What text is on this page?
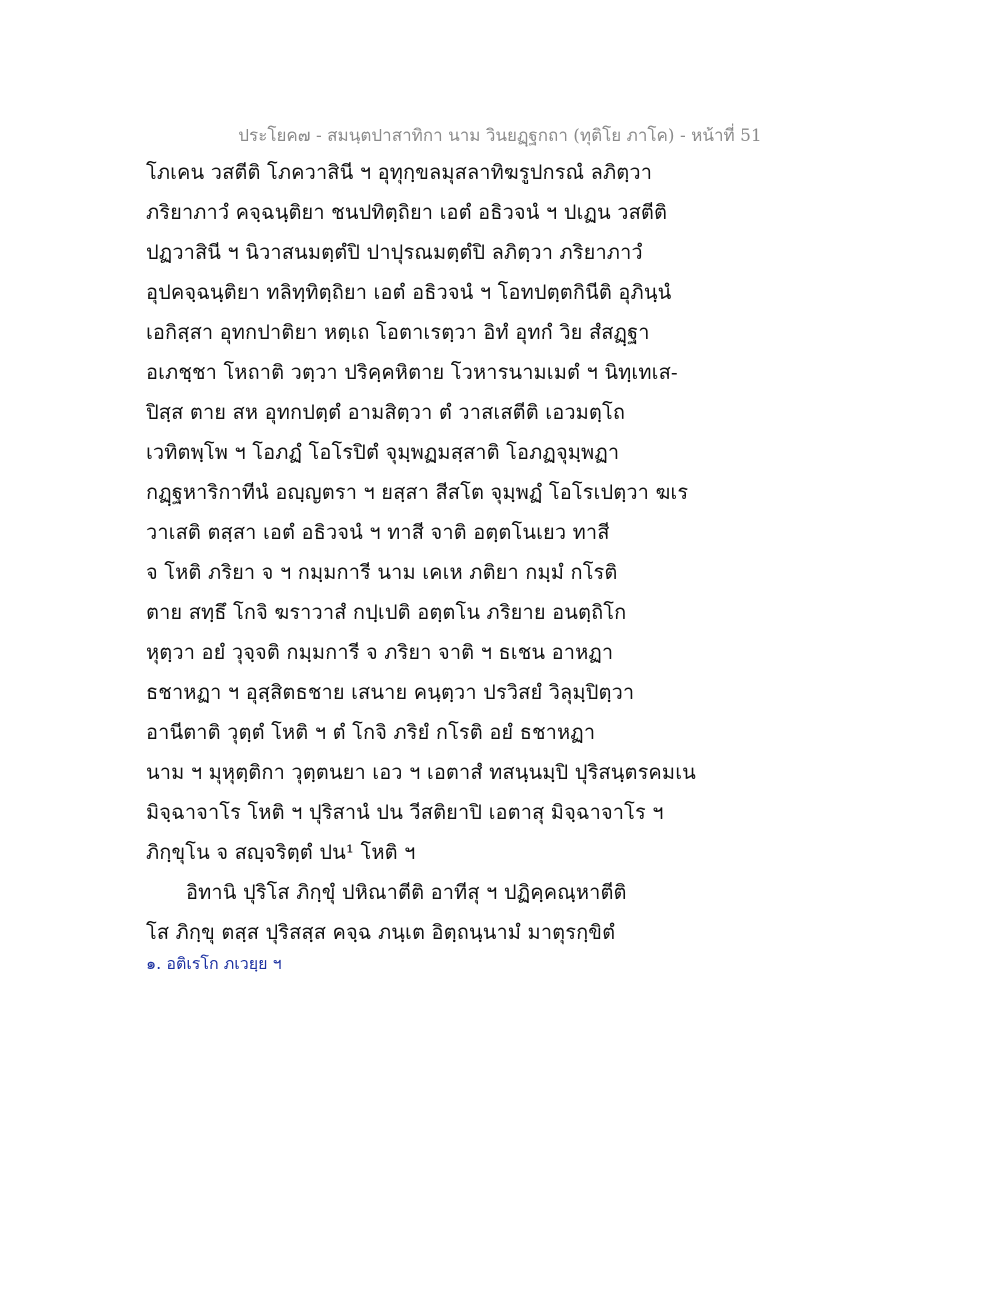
ประโยค๗ - สมนฺตปาสาทิกา นาม วินยฏฺฐกถา (ทุติโย ภาโค) - หน้าที่ 51
โภเคน วสตีติ โภควาสินี ฯ อุทุกฺขลมุสลาทิฆรูปกรณํ ลภิตฺวา
ภริยาภาวํ คจฺฉนฺติยา ชนปทิตฺถิยา เอตํ อธิวจนํ ฯ ปเฏน วสตีติ
ปฏวาสินี ฯ นิวาสนมตฺตํปิ ปาปุรณมตฺตํปิ ลภิตฺวา ภริยาภาวํ
อุปคจฺฉนฺติยา ทลิทฺทิตฺถิยา เอตํ อธิวจนํ ฯ โอทปตฺตกินีติ อุภินฺนํ
เอกิสฺสา อุทกปาติยา หตฺเถ โอตาเรตฺวา อิทํ อุทกํ วิย สํสฏฺฐา
อเภชฺชา โหถาติ วตฺวา ปริคฺคหิตาย โวหารนามเมตํ ฯ นิทฺเทเส-
ปิสฺส ตาย สห อุทกปตฺตํ อามสิตฺวา ตํ วาสเสตีติ เอวมตฺโถ
เวทิตพฺโพ ฯ โอภฏํ โอโรปิตํ จุมฺพฏมสฺสาติ โอภฏจุมฺพฏา
กฏฺฐหาริกาทีนํ อญฺญตรา ฯ ยสฺสา สีสโต จุมฺพฏํ โอโรเปตฺวา ฆเร
วาเสติ ตสฺสา เอตํ อธิวจนํ ฯ ทาสี จาติ อตฺตโนเยว ทาสี
จ โหติ ภริยา จ ฯ กมฺมการี นาม เคเห ภติยา กมฺมํ กโรติ
ตาย สทฺธึ โกจิ ฆราวาสํ กปฺเปติ อตฺตโน ภริยาย อนตฺถิโก
หุตฺวา อยํ วุจฺจติ กมฺมการี จ ภริยา จาติ ฯ ธเชน อาหฏา
ธชาหฏา ฯ อุสฺสิตธชาย เสนาย คนฺตฺวา ปรวิสยํ วิลุมฺปิตฺวา
อานีตาติ วุตฺตํ โหติ ฯ ตํ โกจิ ภริยํ กโรติ อยํ ธชาหฏา
นาม ฯ มุหุตฺติกา วุตฺตนยา เอว ฯ เอตาสํ ทสนฺนมฺปิ ปุริสนฺตรคมเน
มิจฺฉาจาโร โหติ ฯ ปุริสานํ ปน วีสติยาปิ เอตาสุ มิจฺฉาจาโร ฯ
ภิกฺขุโน จ สญฺจริตฺตํ ปน¹ โหติ ฯ
อิทานิ ปุริโส ภิกฺขุํ ปหิณาตีติ อาทีสุ ฯ ปฏิคฺคณฺหาตีติ
โส ภิกฺขุ ตสฺส ปุริสสฺส คจฺฉ ภนฺเต อิตฺถนฺนามํ มาตุรกฺขิตํ
๑. อติเรโก ภเวยฺย ฯ
